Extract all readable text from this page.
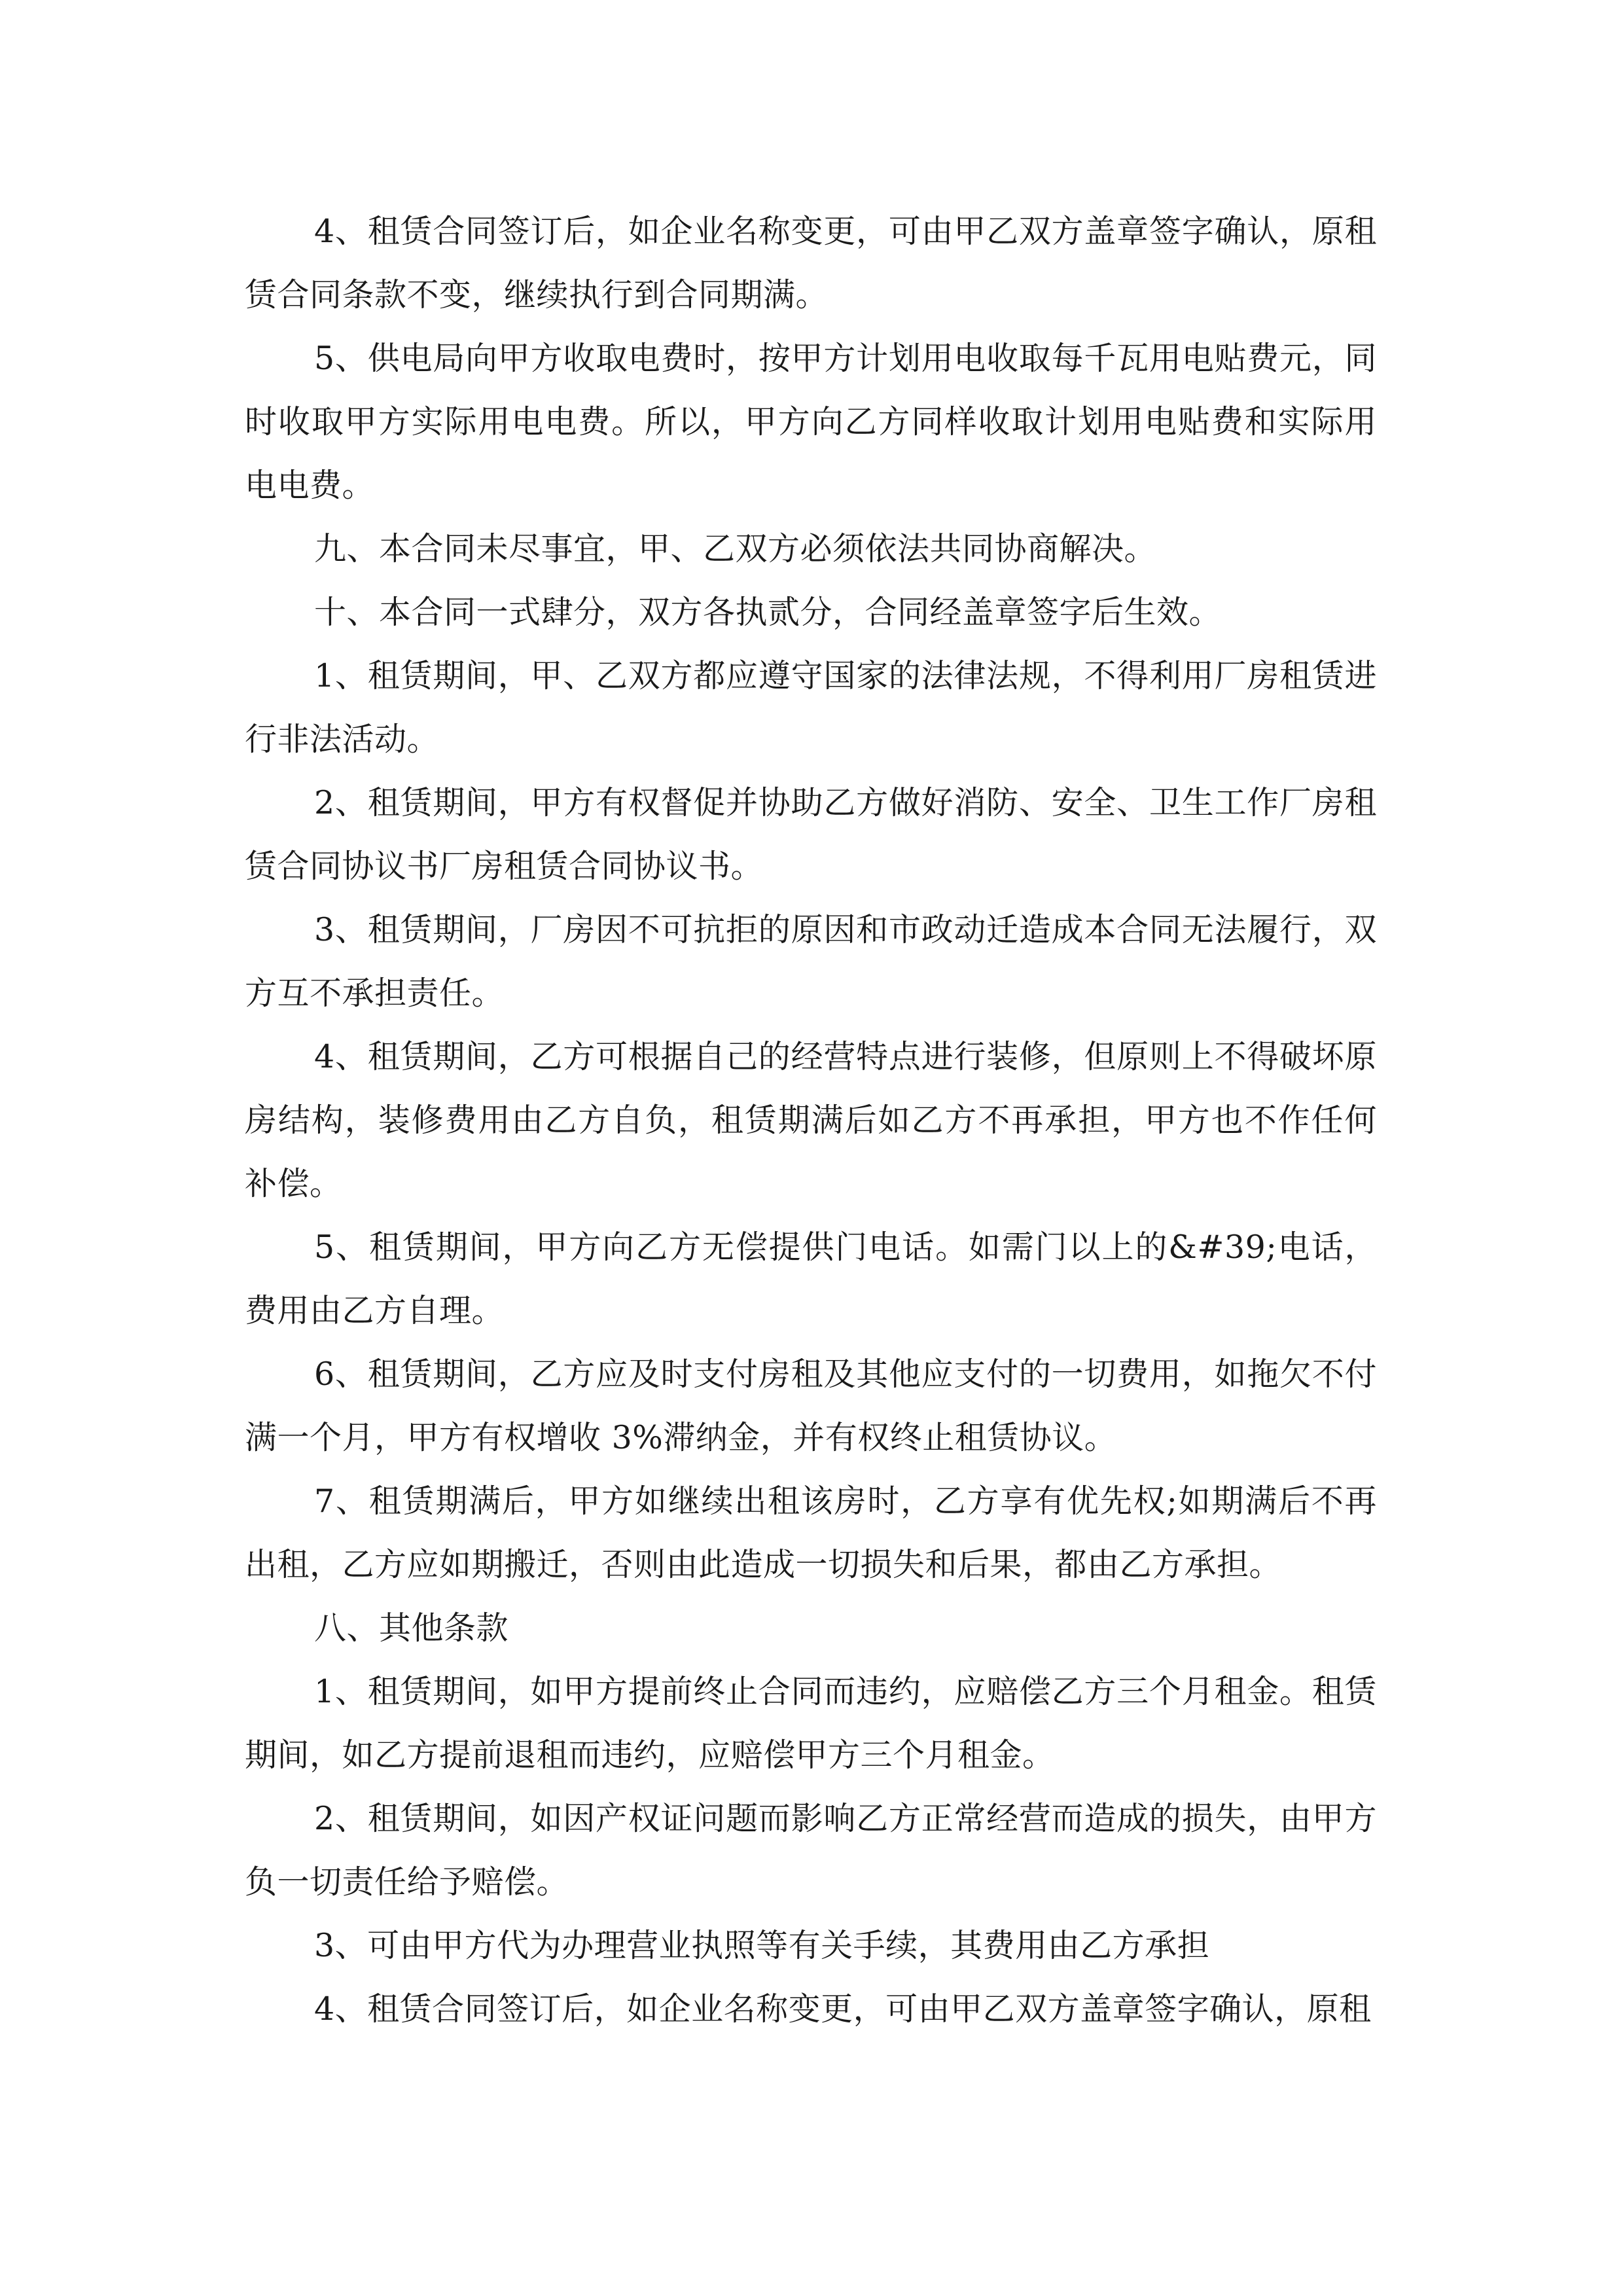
4、租赁合同签订后，如企业名称变更，可由甲乙双方盖章签字确认，原租赁合同条款不变，继续执行到合同期满。

5、供电局向甲方收取电费时，按甲方计划用电收取每千瓦用电贴费元，同时收取甲方实际用电电费。所以，甲方向乙方同样收取计划用电贴费和实际用电电费。

九、本合同未尽事宜，甲、乙双方必须依法共同协商解决。

十、本合同一式肆分，双方各执贰分，合同经盖章签字后生效。

1、租赁期间，甲、乙双方都应遵守国家的法律法规，不得利用厂房租赁进行非法活动。

2、租赁期间，甲方有权督促并协助乙方做好消防、安全、卫生工作厂房租赁合同协议书厂房租赁合同协议书。

3、租赁期间，厂房因不可抗拒的原因和市政动迁造成本合同无法履行，双方互不承担责任。

4、租赁期间，乙方可根据自己的经营特点进行装修，但原则上不得破坏原房结构，装修费用由乙方自负，租赁期满后如乙方不再承担，甲方也不作任何补偿。

5、租赁期间，甲方向乙方无偿提供门电话。如需门以上的&#39;电话，费用由乙方自理。

6、租赁期间，乙方应及时支付房租及其他应支付的一切费用，如拖欠不付满一个月，甲方有权增收 3%滞纳金，并有权终止租赁协议。

7、租赁期满后，甲方如继续出租该房时，乙方享有优先权;如期满后不再出租，乙方应如期搬迁，否则由此造成一切损失和后果，都由乙方承担。

八、其他条款

1、租赁期间，如甲方提前终止合同而违约，应赔偿乙方三个月租金。租赁期间，如乙方提前退租而违约，应赔偿甲方三个月租金。

2、租赁期间，如因产权证问题而影响乙方正常经营而造成的损失，由甲方负一切责任给予赔偿。

3、可由甲方代为办理营业执照等有关手续，其费用由乙方承担

4、租赁合同签订后，如企业名称变更，可由甲乙双方盖章签字确认，原租
